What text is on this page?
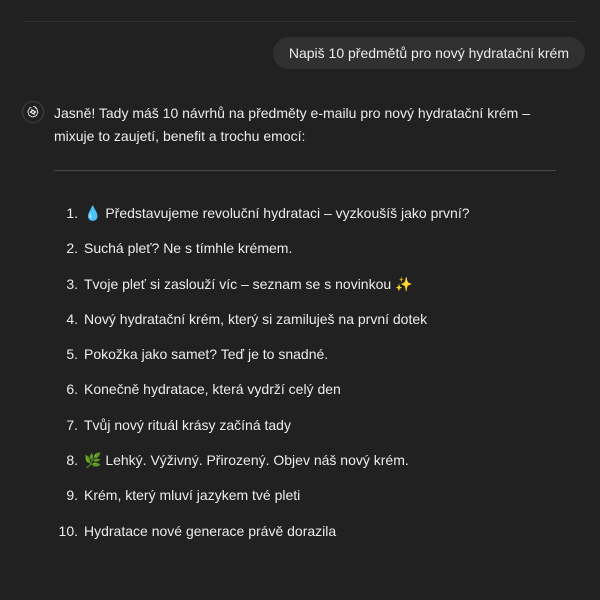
Napiš 10 předmětů pro nový hydratační krém
Jasně! Tady máš 10 návrhů na předměty e-mailu pro nový hydratační krém – mixuje to zaujetí, benefit a trochu emocí:
1. 💧 Představujeme revoluční hydrataci – vyzkoušíš jako první?
2. Suchá pleť? Ne s tímhle krémem.
3. Tvoje pleť si zaslouží víc – seznam se s novinkou ✨
4. Nový hydratační krém, který si zamiluješ na první dotek
5. Pokožka jako samet? Teď je to snadné.
6. Konečně hydratace, která vydrží celý den
7. Tvůj nový rituál krásy začíná tady
8. 🌿 Lehký. Výživný. Přirozený. Objev náš nový krém.
9. Krém, který mluví jazykem tvé pleti
10. Hydratace nové generace právě dorazila
